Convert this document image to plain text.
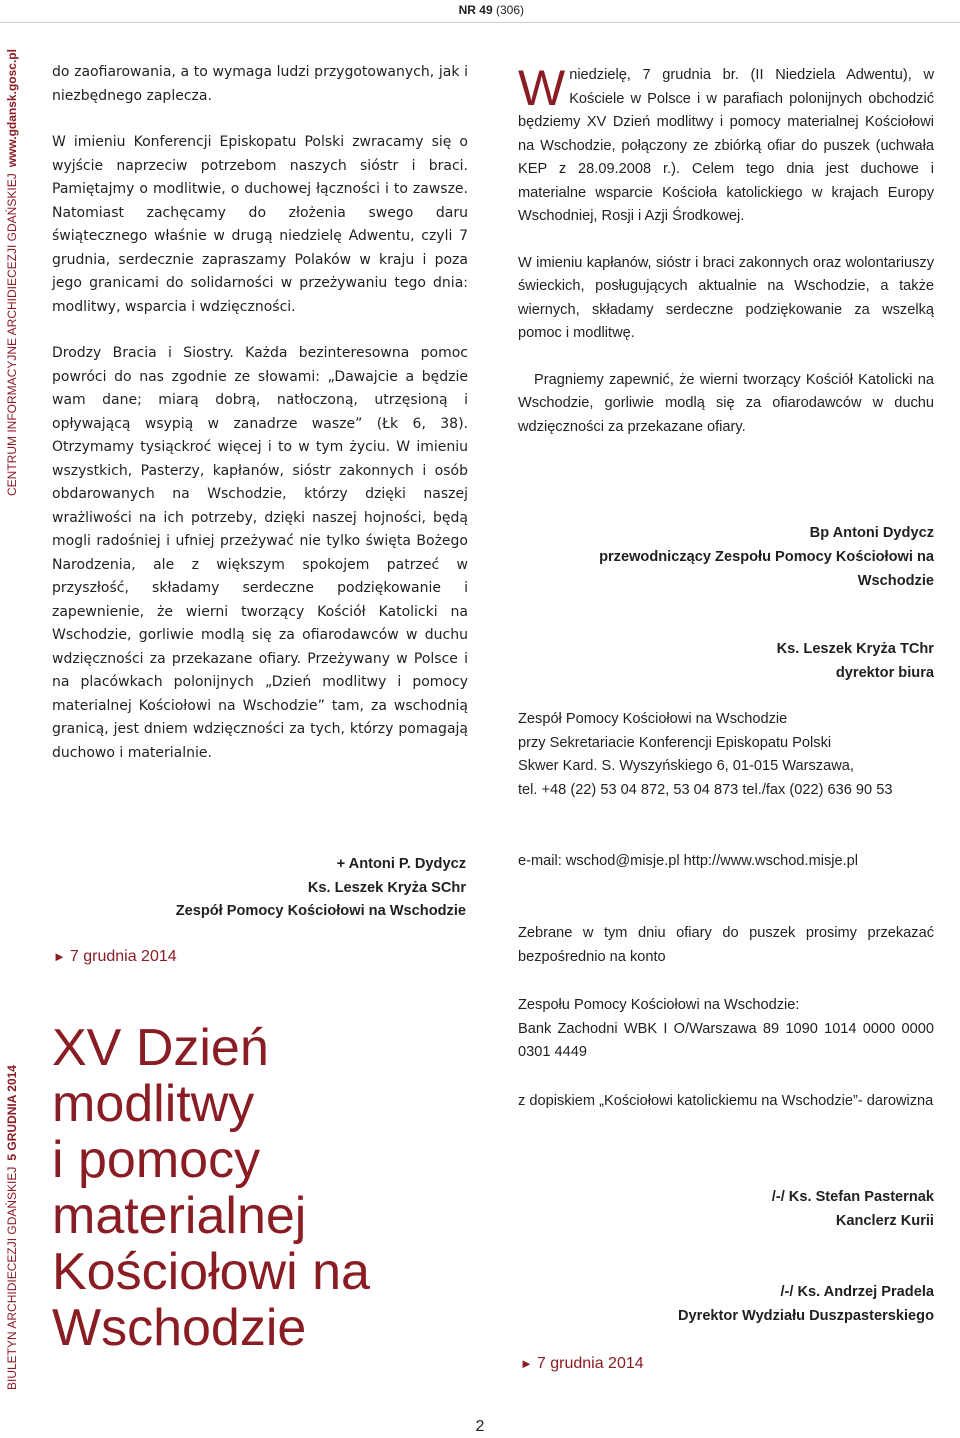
NR 49 (306)
CENTRUM INFORMACYJNE ARCHIDIECEZJI GDAŃSKIEJwww.gdansk.gosc.pl
BIULETYN ARCHIDIECEZJI GDAŃSKIEJ5 GRUDNIA 2014

do zaofiarowania, a to wymaga ludzi przygotowanych, jak i niezbędnego zaplecza.

W imieniu Konferencji Episkopatu Polski zwracamy się o wyjście naprzeciw potrzebom naszych sióstr i braci. Pamiętajmy o modlitwie, o duchowej łączności i to zawsze. Natomiast zachęcamy do złożenia swego daru świątecznego właśnie w drugą niedzielę Adwentu, czyli 7 grudnia, serdecznie zapraszamy Polaków w kraju i poza jego granicami do solidarności w przeżywaniu tego dnia: modlitwy, wsparcia i wdzięczności.

Drodzy Bracia i Siostry. Każda bezinteresowna pomoc powróci do nas zgodnie ze słowami: „Dawajcie a będzie wam dane; miarą dobrą, natłoczoną, utrzęsioną i opływającą wsypią w zanadrze wasze” (Łk 6, 38). Otrzymamy tysiąckroć więcej i to w tym życiu. W imieniu wszystkich, Pasterzy, kapłanów, sióstr zakonnych i osób obdarowanych na Wschodzie, którzy dzięki naszej wrażliwości na ich potrzeby, dzięki naszej hojności, będą mogli radośniej i ufniej przeżywać nie tylko święta Bożego Narodzenia, ale z większym spokojem patrzeć w przyszłość, składamy serdeczne podziękowanie i zapewnienie, że wierni tworzący Kościół Katolicki na Wschodzie, gorliwie modlą się za ofiarodawców w duchu wdzięczności za przekazane ofiary. Przeżywany w Polsce i na placówkach polonijnych „Dzień modlitwy i pomocy materialnej Kościołowi na Wschodzie” tam, za wschodnią granicą, jest dniem wdzięczności za tych, którzy pomagają duchowo i materialnie.

+ Antoni P. Dydycz
Ks. Leszek Kryża SChr
Zespół Pomocy Kościołowi na Wschodzie
► 7 grudnia 2014
XV Dzień
modlitwy
i pomocy
materialnej
Kościołowi na
Wschodzie

Wniedzielę, 7 grudnia br. (II Niedziela Adwentu), w Kościele w Polsce i w parafiach polonijnych obchodzić będziemy XV Dzień modlitwy i pomocy materialnej Kościołowi na Wschodzie, połączony ze zbiórką ofiar do puszek (uchwała KEP z 28.09.2008 r.). Celem tego dnia jest duchowe i materialne wsparcie Kościoła katolickiego w krajach Europy Wschodniej, Rosji i Azji Środkowej.

W imieniu kapłanów, sióstr i braci zakonnych oraz wolontariuszy świeckich, posługujących aktualnie na Wschodzie, a także wiernych, składamy serdeczne podziękowanie za wszelką pomoc i modlitwę.

Pragniemy zapewnić, że wierni tworzący Kościół Katolicki na Wschodzie, gorliwie modlą się za ofiarodawców w duchu wdzięczności za przekazane ofiary.

Bp Antoni Dydycz
przewodniczący Zespołu Pomocy Kościołowi na Wschodzie
Ks. Leszek Kryża TChr
dyrektor biura

Zespół Pomocy Kościołowi na Wschodzie

przy Sekretariacie Konferencji Episkopatu Polski

Skwer Kard. S. Wyszyńskiego 6, 01-015 Warszawa,

tel. +48 (22) 53 04 872, 53 04 873 tel./fax (022) 636 90 53

e-mail: wschod@misje.pl http://www.wschod.misje.pl

Zebrane w tym dniu ofiary do puszek prosimy przekazać bezpośrednio na konto

Zespołu Pomocy Kościołowi na Wschodzie:

Bank Zachodni WBK I O/Warszawa 89 1090 1014 0000 0000 0301 4449

z dopiskiem „Kościołowi katolickiemu na Wschodzie”- darowizna

/-/ Ks. Stefan Pasternak
Kanclerz Kurii
/-/ Ks. Andrzej Pradela
Dyrektor Wydziału Duszpasterskiego
► 7 grudnia 2014
2
